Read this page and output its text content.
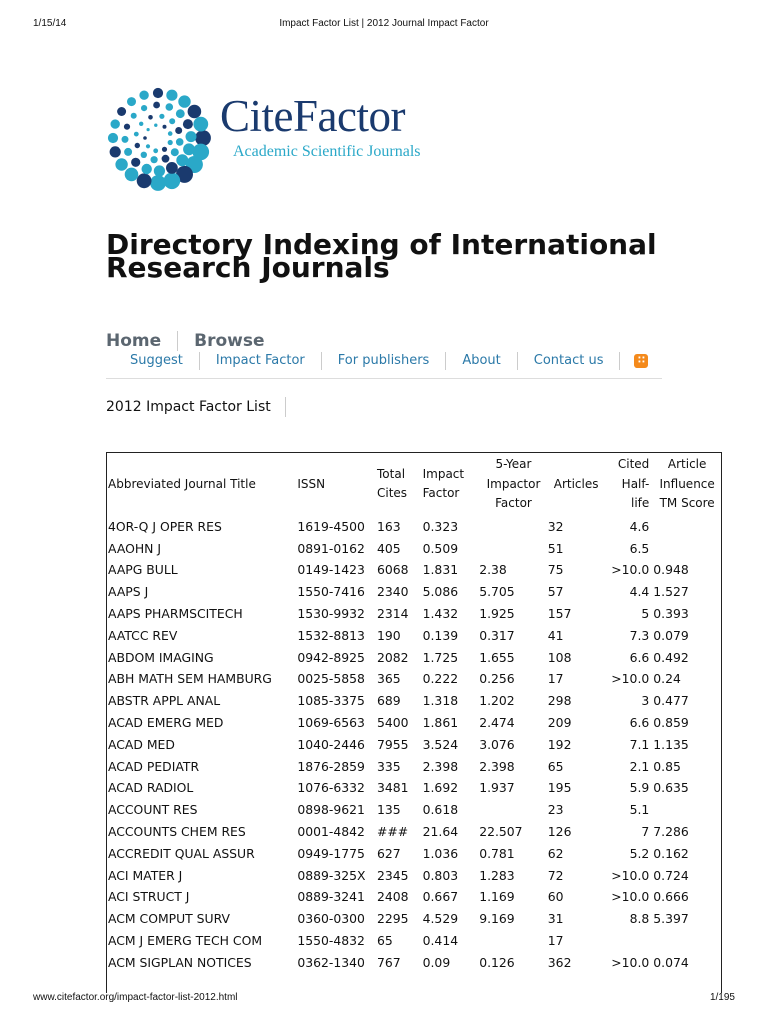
1/15/14	Impact Factor List | 2012 Journal Impact Factor
CiteFactor
Academic Scientific Journals
Directory Indexing of International Research Journals
Home Browse
Suggest	Impact Factor	For publishers	About	Contact us	∷
2012 Impact Factor List
Abbreviated Journal Title	ISSN	Total Cites	Impact Factor	5-Year Impactor Factor	Articles	Cited Half-life	Article Influence TM Score
4OR-Q J OPER RES	1619-4500	163	0.323		32	4.6	
AAOHN J	0891-0162	405	0.509		51	6.5	
AAPG BULL	0149-1423	6068	1.831	2.38	75	>10.0	0.948
AAPS J	1550-7416	2340	5.086	5.705	57	4.4	1.527
AAPS PHARMSCITECH	1530-9932	2314	1.432	1.925	157	5	0.393
AATCC REV	1532-8813	190	0.139	0.317	41	7.3	0.079
ABDOM IMAGING	0942-8925	2082	1.725	1.655	108	6.6	0.492
ABH MATH SEM HAMBURG	0025-5858	365	0.222	0.256	17	>10.0	0.24
ABSTR APPL ANAL	1085-3375	689	1.318	1.202	298	3	0.477
ACAD EMERG MED	1069-6563	5400	1.861	2.474	209	6.6	0.859
ACAD MED	1040-2446	7955	3.524	3.076	192	7.1	1.135
ACAD PEDIATR	1876-2859	335	2.398	2.398	65	2.1	0.85
ACAD RADIOL	1076-6332	3481	1.692	1.937	195	5.9	0.635
ACCOUNT RES	0898-9621	135	0.618		23	5.1	
ACCOUNTS CHEM RES	0001-4842	###	21.64	22.507	126	7	7.286
ACCREDIT QUAL ASSUR	0949-1775	627	1.036	0.781	62	5.2	0.162
ACI MATER J	0889-325X	2345	0.803	1.283	72	>10.0	0.724
ACI STRUCT J	0889-3241	2408	0.667	1.169	60	>10.0	0.666
ACM COMPUT SURV	0360-0300	2295	4.529	9.169	31	8.8	5.397
ACM J EMERG TECH COM	1550-4832	65	0.414		17		
ACM SIGPLAN NOTICES	0362-1340	767	0.09	0.126	362	>10.0	0.074
www.citefactor.org/impact-factor-list-2012.html	1/195
